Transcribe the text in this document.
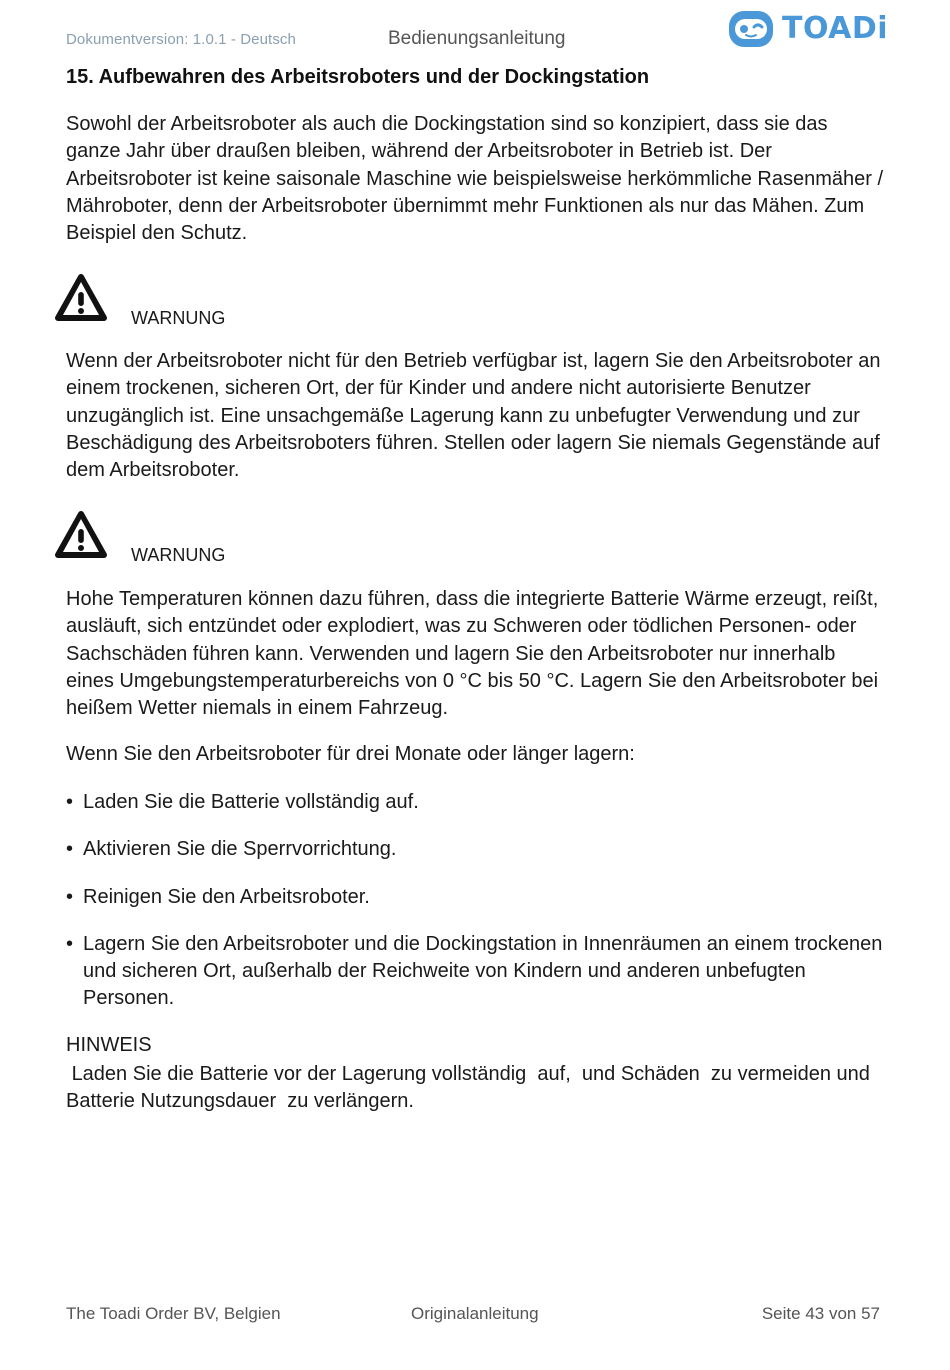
Dokumentversion: 1.0.1 - Deutsch	Bedienungsanleitung	TOADi
15. Aufbewahren des Arbeitsroboters und der Dockingstation

Sowohl der Arbeitsroboter als auch die Dockingstation sind so konzipiert, dass sie das ganze Jahr über draußen bleiben, während der Arbeitsroboter in Betrieb ist. Der Arbeitsroboter ist keine saisonale Maschine wie beispielsweise herkömmliche Rasenmäher / Mähroboter, denn der Arbeitsroboter übernimmt mehr Funktionen als nur das Mähen. Zum Beispiel den Schutz.

WARNUNG

Wenn der Arbeitsroboter nicht für den Betrieb verfügbar ist, lagern Sie den Arbeitsroboter an einem trockenen, sicheren Ort, der für Kinder und andere nicht autorisierte Benutzer unzugänglich ist. Eine unsachgemäße Lagerung kann zu unbefugter Verwendung und zur Beschädigung des Arbeitsroboters führen. Stellen oder lagern Sie niemals Gegenstände auf dem Arbeitsroboter.

WARNUNG

Hohe Temperaturen können dazu führen, dass die integrierte Batterie Wärme erzeugt, reißt, ausläuft, sich entzündet oder explodiert, was zu Schweren oder tödlichen Personen- oder Sachschäden führen kann. Verwenden und lagern Sie den Arbeitsroboter nur innerhalb eines Umgebungstemperaturbereichs von 0 °C bis 50 °C. Lagern Sie den Arbeitsroboter bei heißem Wetter niemals in einem Fahrzeug.

Wenn Sie den Arbeitsroboter für drei Monate oder länger lagern:

• Laden Sie die Batterie vollständig auf.
• Aktivieren Sie die Sperrvorrichtung.
• Reinigen Sie den Arbeitsroboter.
• Lagern Sie den Arbeitsroboter und die Dockingstation in Innenräumen an einem trockenen und sicheren Ort, außerhalb der Reichweite von Kindern und anderen unbefugten Personen.
HINWEIS

Laden Sie die Batterie vor der Lagerung vollständig  auf,  und Schäden  zu vermeiden und  Batterie Nutzungsdauer  zu verlängern.

The Toadi Order BV, Belgien	Originalanleitung	Seite 43 von 57
